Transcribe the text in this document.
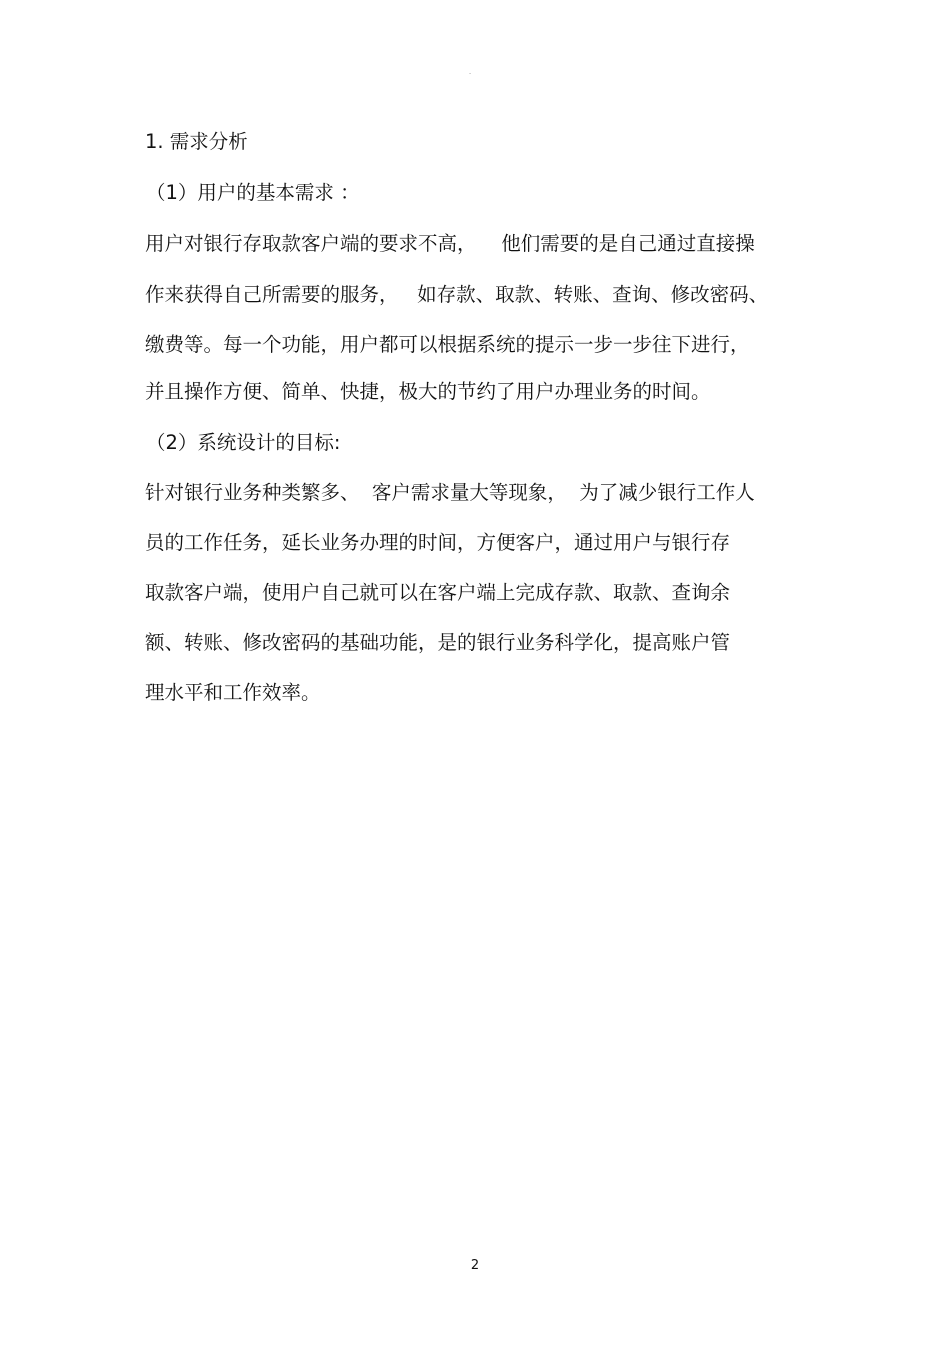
-
1. 需求分析
（1）用户的基本需求 ：
用户对银行存取款客户端的要求不高，    他们需要的是自己通过直接操
作来获得自己所需要的服务，   如存款、取款、转账、查询、修改密码、
缴费等。每一个功能，用户都可以根据系统的提示一步一步往下进行，
并且操作方便、简单、快捷，极大的节约了用户办理业务的时间。
（2）系统设计的目标:
针对银行业务种类繁多、  客户需求量大等现象，  为了减少银行工作人
员的工作任务，延长业务办理的时间，方便客户，通过用户与银行存
取款客户端，使用户自己就可以在客户端上完成存款、取款、查询余
额、转账、修改密码的基础功能，是的银行业务科学化，提高账户管
理水平和工作效率。
2
